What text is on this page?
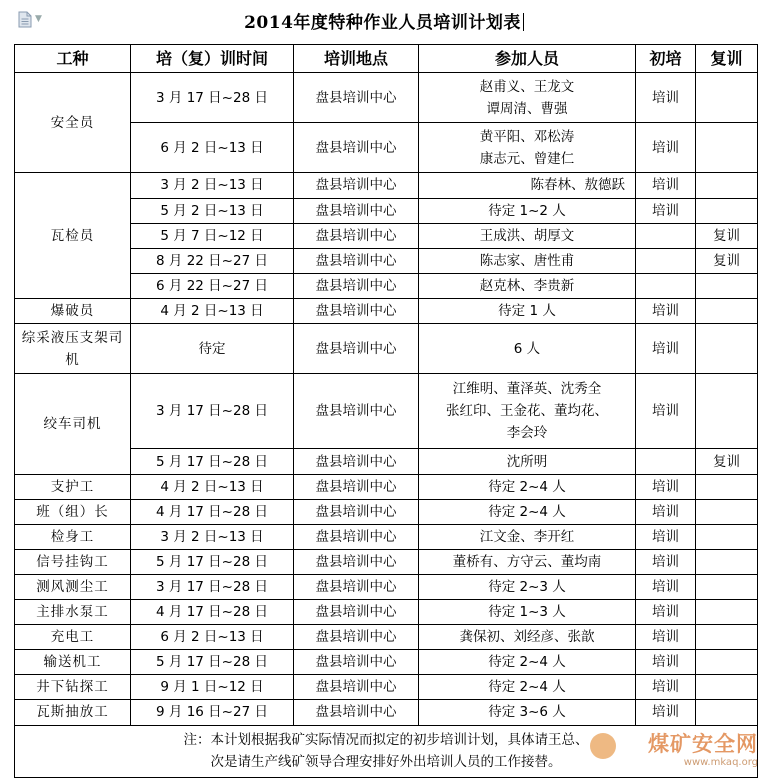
▼	2014年度特种作业人员培训计划表
工种	培（复）训时间	培训地点	参加人员	初培	复训
安全员	3 月 17 日~28 日	盘县培训中心	赵甫义、王龙文
谭周清、曹强	培训	
	6 月 2 日~13 日	盘县培训中心	黄平阳、邓松涛
康志元、曾建仁	培训	
瓦检员	3 月 2 日~13 日	盘县培训中心	陈春林、敖德跃	培训	
	5 月 2 日~13 日	盘县培训中心	待定 1~2 人	培训	
	5 月 7 日~12 日	盘县培训中心	王成洪、胡厚文		复训
	8 月 22 日~27 日	盘县培训中心	陈志家、唐性甫		复训
	6 月 22 日~27 日	盘县培训中心	赵克林、李贵新		

爆破员	4 月 2 日~13 日	盘县培训中心	待定 1 人	培训	
综采液压支架司机	待定	盘县培训中心	6 人	培训	
绞车司机	3 月 17 日~28 日	盘县培训中心	江维明、董泽英、沈秀全
张红印、王金花、董均花、
李会玲	培训	
	5 月 17 日~28 日	盘县培训中心	沈所明		复训
支护工	4 月 2 日~13 日	盘县培训中心	待定 2~4 人	培训	
班（组）长	4 月 17 日~28 日	盘县培训中心	待定 2~4 人	培训	
检身工	3 月 2 日~13 日	盘县培训中心	江文金、李开红	培训	
信号挂钩工	5 月 17 日~28 日	盘县培训中心	董桥有、方守云、董均南	培训	
测风测尘工	3 月 17 日~28 日	盘县培训中心	待定 2~3 人	培训	
主排水泵工	4 月 17 日~28 日	盘县培训中心	待定 1~3 人	培训	
充电工	6 月 2 日~13 日	盘县培训中心	龚保初、刘经彦、张歆	培训	
输送机工	5 月 17 日~28 日	盘县培训中心	待定 2~4 人	培训	
井下钻探工	9 月 1 日~12 日	盘县培训中心	待定 2~4 人	培训	
瓦斯抽放工	9 月 16 日~27 日	盘县培训中心	待定 3~6 人	培训	

注：本计划根据我矿实际情况而拟定的初步培训计划，具体请王总、
次是请生产线矿领导合理安排好外出培训人员的工作接替。					
煤矿安全网
www.mkaq.org
